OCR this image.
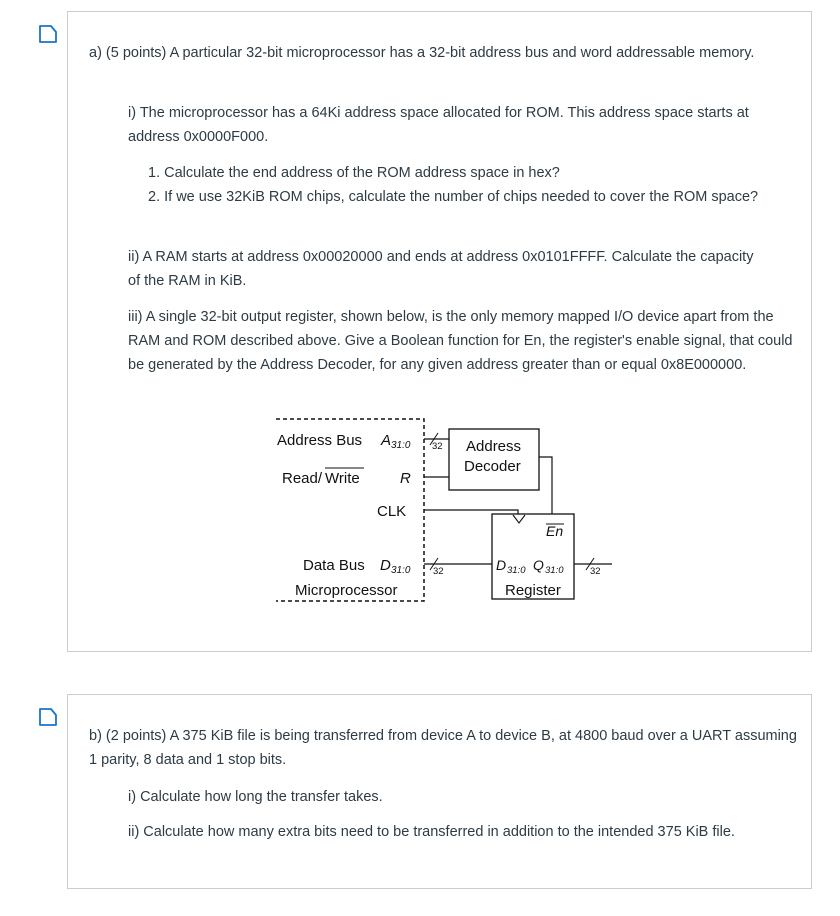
a) (5 points) A particular 32-bit microprocessor has a 32-bit address bus and word addressable memory.
i) The microprocessor has a 64Ki address space allocated for ROM. This address space starts at address 0x0000F000.
1. Calculate the end address of the ROM address space in hex?
2. If we use 32KiB ROM chips, calculate the number of chips needed to cover the ROM space?
ii) A RAM starts at address 0x00020000 and ends at address 0x0101FFFF. Calculate the capacity of the RAM in KiB.
iii) A single 32-bit output register, shown below, is the only memory mapped I/O device apart from the RAM and ROM described above. Give a Boolean function for En, the register's enable signal, that could be generated by the Address Decoder, for any given address greater than or equal 0x8E000000.
32 Address
Decoder
En
32	32
Address Bus A 31:0
Read/ Write	R
CLK
Data Bus D 31:0
Microprocessor
D 31:0 Q 31:0
Register
b) (2 points) A 375 KiB file is being transferred from device A to device B, at 4800 baud over a UART assuming 1 parity, 8 data and 1 stop bits.
i) Calculate how long the transfer takes.
ii) Calculate how many extra bits need to be transferred in addition to the intended 375 KiB file.
